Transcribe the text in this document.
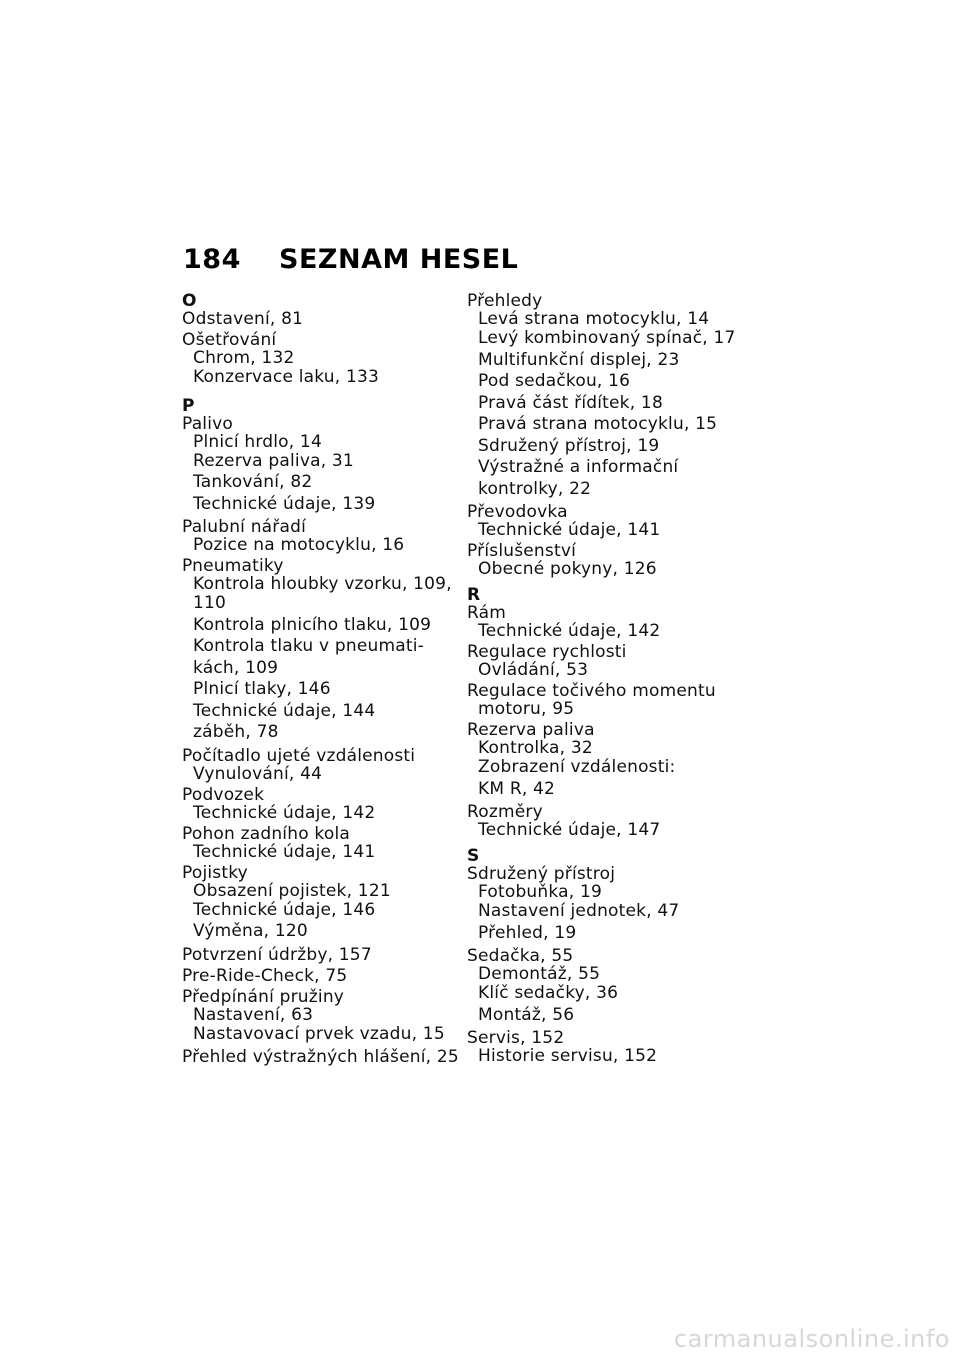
184 SEZNAM HESEL
O
Odstavení, 81
Ošetřování
Chrom, 132
Konzervace laku, 133
P
Palivo
Plnicí hrdlo, 14
Rezerva paliva, 31
Tankování, 82
Technické údaje, 139
Palubní nářadí
Pozice na motocyklu, 16
Pneumatiky
Kontrola hloubky vzorku, 109,
110
Kontrola plnicího tlaku, 109
Kontrola tlaku v pneumati-
kách, 109
Plnicí tlaky, 146
Technické údaje, 144
záběh, 78
Počítadlo ujeté vzdálenosti
Vynulování, 44
Podvozek
Technické údaje, 142
Pohon zadního kola
Technické údaje, 141
Pojistky
Obsazení pojistek, 121
Technické údaje, 146
Výměna, 120
Potvrzení údržby, 157
Pre-Ride-Check, 75
Předpínání pružiny
Nastavení, 63
Nastavovací prvek vzadu, 15
Přehled výstražných hlášení, 25
Přehledy
Levá strana motocyklu, 14
Levý kombinovaný spínač, 17
Multifunkční displej, 23
Pod sedačkou, 16
Pravá část řídítek, 18
Pravá strana motocyklu, 15
Sdružený přístroj, 19
Výstražné a informační
kontrolky, 22
Převodovka
Technické údaje, 141
Příslušenství
Obecné pokyny, 126
R
Rám
Technické údaje, 142
Regulace rychlosti
Ovládání, 53
Regulace točivého momentu
motoru, 95
Rezerva paliva
Kontrolka, 32
Zobrazení vzdálenosti:
KM R, 42
Rozměry
Technické údaje, 147
S
Sdružený přístroj
Fotobuňka, 19
Nastavení jednotek, 47
Přehled, 19
Sedačka, 55
Demontáž, 55
Klíč sedačky, 36
Montáž, 56
Servis, 152
Historie servisu, 152
carmanualsonline.info
